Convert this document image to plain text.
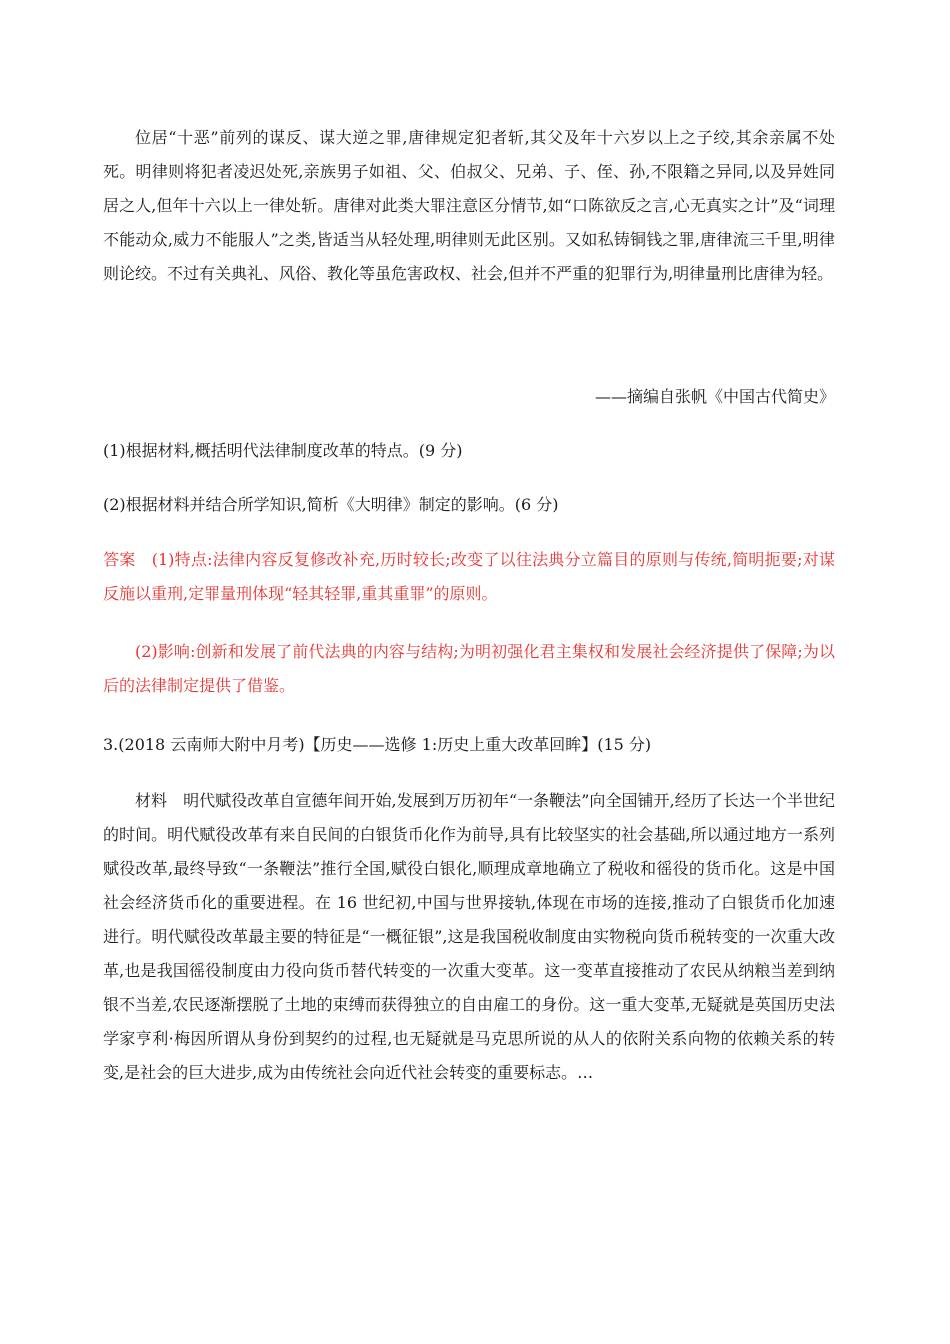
位居“十恶”前列的谋反、谋大逆之罪,唐律规定犯者斩,其父及年十六岁以上之子绞,其余亲属不处死。明律则将犯者凌迟处死,亲族男子如祖、父、伯叔父、兄弟、子、侄、孙,不限籍之异同,以及异姓同居之人,但年十六以上一律处斩。唐律对此类大罪注意区分情节,如“口陈欲反之言,心无真实之计”及“词理不能动众,威力不能服人”之类,皆适当从轻处理,明律则无此区别。又如私铸铜钱之罪,唐律流三千里,明律则论绞。不过有关典礼、风俗、教化等虽危害政权、社会,但并不严重的犯罪行为,明律量刑比唐律为轻。

——摘编自张帆《中国古代简史》

(1)根据材料,概括明代法律制度改革的特点。(9 分)

(2)根据材料并结合所学知识,简析《大明律》制定的影响。(6 分)

答案　(1)特点:法律内容反复修改补充,历时较长;改变了以往法典分立篇目的原则与传统,简明扼要;对谋反施以重刑,定罪量刑体现“轻其轻罪,重其重罪”的原则。

(2)影响:创新和发展了前代法典的内容与结构;为明初强化君主集权和发展社会经济提供了保障;为以后的法律制定提供了借鉴。

3.(2018 云南师大附中月考)【历史——选修 1:历史上重大改革回眸】(15 分)

材料　明代赋役改革自宣德年间开始,发展到万历初年“一条鞭法”向全国铺开,经历了长达一个半世纪的时间。明代赋役改革有来自民间的白银货币化作为前导,具有比较坚实的社会基础,所以通过地方一系列赋役改革,最终导致“一条鞭法”推行全国,赋役白银化,顺理成章地确立了税收和徭役的货币化。这是中国社会经济货币化的重要进程。在 16 世纪初,中国与世界接轨,体现在市场的连接,推动了白银货币化加速进行。明代赋役改革最主要的特征是“一概征银”,这是我国税收制度由实物税向货币税转变的一次重大改革,也是我国徭役制度由力役向货币替代转变的一次重大变革。这一变革直接推动了农民从纳粮当差到纳银不当差,农民逐渐摆脱了土地的束缚而获得独立的自由雇工的身份。这一重大变革,无疑就是英国历史法学家亨利·梅因所谓从身份到契约的过程,也无疑就是马克思所说的从人的依附关系向物的依赖关系的转变,是社会的巨大进步,成为由传统社会向近代社会转变的重要标志。…
